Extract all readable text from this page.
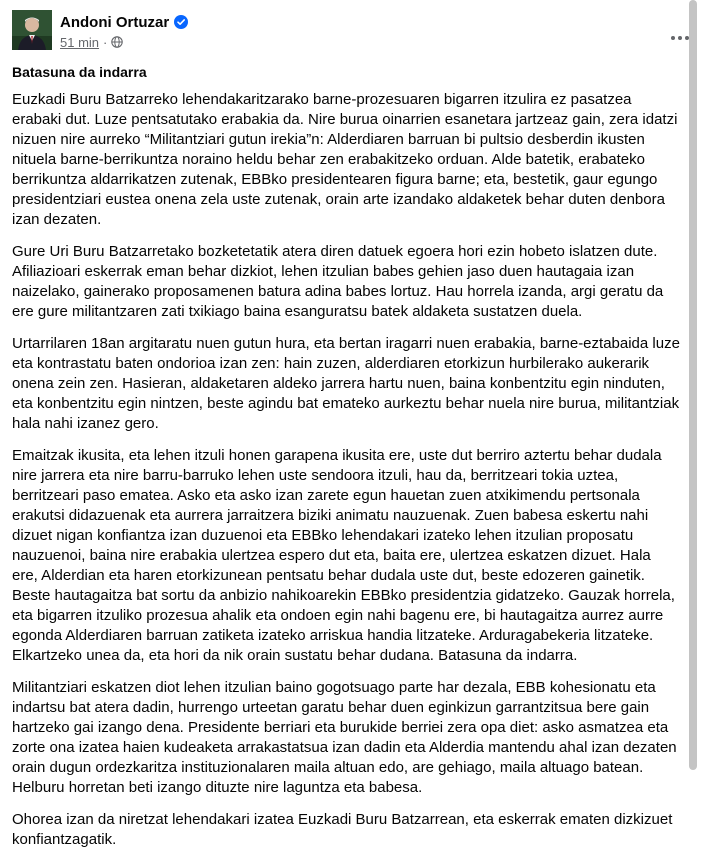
Andoni Ortuzar
51 min ·
Batasuna da indarra

Euzkadi Buru Batzarreko lehendakaritzarako barne-prozesuaren bigarren itzulira ez pasatzea erabaki dut. Luze pentsatutako erabakia da. Nire burua oinarrien esanetara jartzeaz gain, zera idatzi nizuen nire aurreko “Militantziari gutun irekia”n: Alderdiaren barruan bi pultsio desberdin ikusten nituela barne-berrikuntza noraino heldu behar zen erabakitzeko orduan. Alde batetik, erabateko berrikuntza aldarrikatzen zutenak, EBBko presidentearen figura barne; eta, bestetik, gaur egungo presidentziari eustea onena zela uste zutenak, orain arte izandako aldaketek behar duten denbora izan dezaten.

Gure Uri Buru Batzarretako bozketetatik atera diren datuek egoera hori ezin hobeto islatzen dute. Afiliazioari eskerrak eman behar dizkiot, lehen itzulian babes gehien jaso duen hautagaia izan naizelako, gainerako proposamenen batura adina babes lortuz. Hau horrela izanda, argi geratu da ere gure militantzaren zati txikiago baina esanguratsu batek aldaketa sustatzen duela.

Urtarrilaren 18an argitaratu nuen gutun hura, eta bertan iragarri nuen erabakia, barne-eztabaida luze eta kontrastatu baten ondorioa izan zen: hain zuzen, alderdiaren etorkizun hurbilerako aukerarik onena zein zen. Hasieran, aldaketaren aldeko jarrera hartu nuen, baina konbentzitu egin ninduten, eta konbentzitu egin nintzen, beste agindu bat emateko aurkeztu behar nuela nire burua, militantziak hala nahi izanez gero.

Emaitzak ikusita, eta lehen itzuli honen garapena ikusita ere, uste dut berriro aztertu behar dudala nire jarrera eta nire barru-barruko lehen uste sendoora itzuli, hau da, berritzeari tokia uztea, berritzeari paso ematea. Asko eta asko izan zarete egun hauetan zuen atxikimendu pertsonala erakutsi didazuenak eta aurrera jarraitzera biziki animatu nauzuenak. Zuen babesa eskertu nahi dizuet nigan konfiantza izan duzuenoi eta EBBko lehendakari izateko lehen itzulian proposatu nauzuenoi, baina nire erabakia ulertzea espero dut eta, baita ere, ulertzea eskatzen dizuet. Hala ere, Alderdian eta haren etorkizunean pentsatu behar dudala uste dut, beste edozeren gainetik. Beste hautagaitza bat sortu da anbizio nahikoarekin EBBko presidentzia gidatzeko. Gauzak horrela, eta bigarren itzuliko prozesua ahalik eta ondoen egin nahi bagenu ere, bi hautagaitza aurrez aurre egonda Alderdiaren barruan zatiketa izateko arriskua handia litzateke. Arduragabekeria litzateke. Elkartzeko unea da, eta hori da nik orain sustatu behar dudana. Batasuna da indarra.

Militantziari eskatzen diot lehen itzulian baino gogotsuago parte har dezala, EBB kohesionatu eta indartsu bat atera dadin, hurrengo urteetan garatu behar duen eginkizun garrantzitsua bere gain hartzeko gai izango dena. Presidente berriari eta burukide berriei zera opa diet: asko asmatzea eta zorte ona izatea haien kudeaketa arrakastatsua izan dadin eta Alderdia mantendu ahal izan dezaten orain dugun ordezkaritza instituzionalaren maila altuan edo, are gehiago, maila altuago batean. Helburu horretan beti izango dituzte nire laguntza eta babesa.

Ohorea izan da niretzat lehendakari izatea Euzkadi Buru Batzarrean, eta eskerrak ematen dizkizuet konfiantzagatik.
